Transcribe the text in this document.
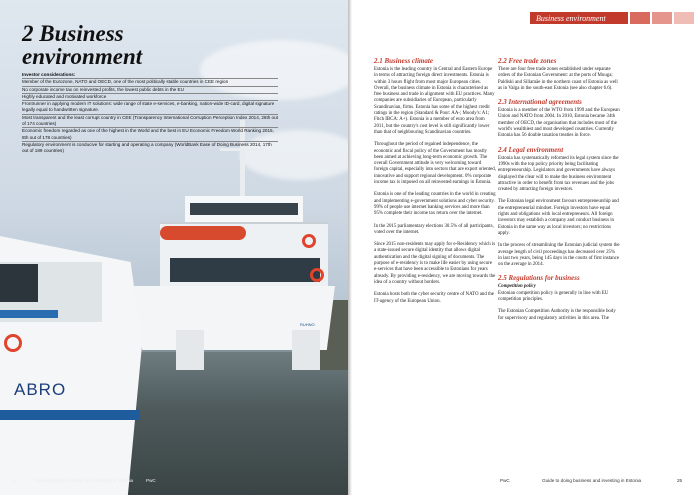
RUHNO
ABRO
2 Business
environment
Investor considerations:
Member of the Eurozone, NATO and OECD, one of the most politically stable countries in CEE region
No corporate income tax on reinvested profits, the lowest public debts in the EU
Highly educated and motivated workforce
Frontrunner in applying modern IT solutions: wide range of state e-services, e-banking, nation-wide ID-card, digital signature legally equal to handwritten signature.
Most transparent and the least corrupt country in CEE (Transparency International Corruption Perception Index 2014, 26th out of 174 countries)
Economic freedom regarded as one of the highest in the World and the best in EU Economic Freedom World Ranking 2015, 8th out of 178 countries)
Regulatory environment is conducive for starting and operating a company (WorldBank Ease of Doing Business 2014, 17th out of 189 countries)
24	Guide to doing business and investing in Estonia	PwC
Business environment
2.1 Business climate
Estonia is the leading country in Central and Eastern Europe in terms of attracting foreign direct investments. Estonia is within 3 hours flight from most major European cities. Overall, the business climate in Estonia is characterised as free business and trade in alignment with EU practices. Many companies are subsidiaries of European, particularly Scandinavian, firms. Estonia has some of the highest credit ratings in the region (Standard & Poor: AA-; Moody's: A1; Fitch IBCA: A+). Estonia is a member of euro area from 2011, but the country's cost level is still significantly lower than that of neighbouring Scandinavian countries.
Throughout the period of regained independence, the economic and fiscal policy of the Government has mostly been aimed at achieving long-term economic growth. The overall Government attitude is very welcoming toward foreign capital, especially into sectors that are export oriented, innovative and support regional development. 0% corporate income tax is imposed on all reinvested earnings in Estonia.
Estonia is one of the leading countries in the world in creating and implementing e-government solutions and cyber security. 99% of people use internet banking services and more than 95% complete their income tax return over the internet.
In the 2015 parliamentary elections 30.5% of all participants, voted over the internet.
Since 2015 non-residents may apply for e-Residency which is a state-issued secure digital identity that allows digital authentication and the digital signing of documents. The purpose of e-residency is to make life easier by using secure e-services that have been accessible to Estonians for years already. By providing e-residency, we are moving towards the idea of a country without borders.
Estonia hosts both the cyber security centre of NATO and the IT-agency of the European Union.
2.2 Free trade zones
There are four free trade zones established under separate orders of the Estonian Government: at the ports of Muuga; Paldiski and Sillamäe in the northern coast of Estonia as well as in Valga in the south-east Estonia (see also chapter 6.6).
2.3 International agreements
Estonia is a member of the WTO from 1999 and the European Union and NATO from 2004. In 2010, Estonia became 34th member of OECD, the organisation that includes most of the world's wealthiest and most developed countries. Currently Estonia has 56 double taxation treaties in force.
2.4 Legal environment
Estonia has systematically reformed its legal system since the 1990s with the top policy priority being facilitating entrepreneurship. Legislators and governments have always displayed the clear will to make the business environment attractive in order to benefit from tax revenues and the jobs created by attracting foreign investors.
The Estonian legal environment favours entrepreneurship and the entrepreneurial mindset. Foreign investors have equal rights and obligations with local entrepreneurs. All foreign investors may establish a company and conduct business in Estonia in the same way as local investors; no restrictions apply.
In the process of streamlining the Estonian judicial system the average length of civil proceedings has decreased over 25% in last two years, being 145 days in the courts of first instance on the average in 2014.
2.5 Regulations for business
Competition policy
Estonian competition policy is generally in line with EU competition principles.
The Estonian Competition Authority is the responsible body for supervisory and regulatory activities in this area. The
PwC	Guide to doing business and investing in Estonia	25
